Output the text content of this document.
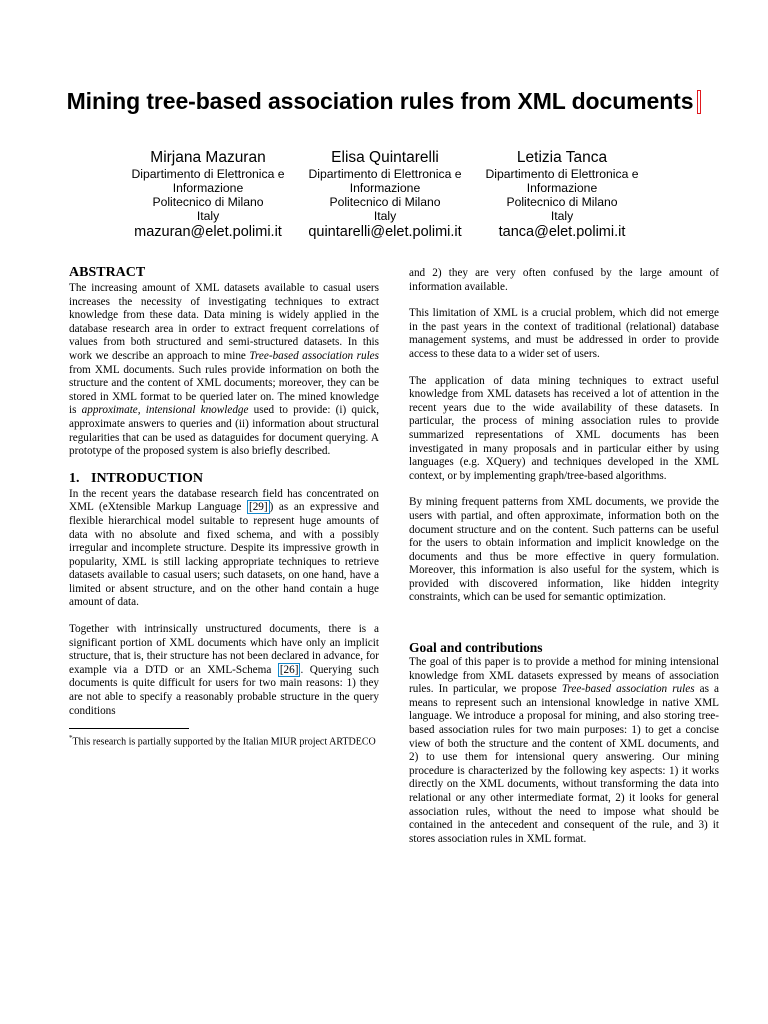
Mining tree-based association rules from XML documents
Mirjana Mazuran
Dipartimento di Elettronica e Informazione
Politecnico di Milano
Italy
mazuran@elet.polimi.it
Elisa Quintarelli
Dipartimento di Elettronica e Informazione
Politecnico di Milano
Italy
quintarelli@elet.polimi.it
Letizia Tanca
Dipartimento di Elettronica e Informazione
Politecnico di Milano
Italy
tanca@elet.polimi.it
ABSTRACT

The increasing amount of XML datasets available to casual users increases the necessity of investigating techniques to extract knowledge from these data. Data mining is widely applied in the database research area in order to extract frequent correlations of values from both structured and semi-structured datasets. In this work we describe an approach to mine Tree-based association rules from XML documents. Such rules provide information on both the structure and the content of XML documents; moreover, they can be stored in XML format to be queried later on. The mined knowledge is approximate, intensional knowledge used to provide: (i) quick, approximate answers to queries and (ii) information about structural regularities that can be used as dataguides for document querying. A prototype of the proposed system is also briefly described.

1. INTRODUCTION

In the recent years the database research field has concentrated on XML (eXtensible Markup Language [29] ) as an expressive and flexible hierarchical model suitable to represent huge amounts of data with no absolute and fixed schema, and with a possibly irregular and incomplete structure. Despite its impressive growth in popularity, XML is still lacking appropriate techniques to retrieve datasets available to casual users; such datasets, on one hand, have a limited or absent structure, and on the other hand contain a huge amount of data.

Together with intrinsically unstructured documents, there is a significant portion of XML documents which have only an implicit structure, that is, their structure has not been declared in advance, for example via a DTD or an XML-Schema [26] . Querying such documents is quite difficult for users for two main reasons: 1) they are not able to specify a reasonably probable structure in the query conditions

*This research is partially supported by the Italian MIUR project ARTDECO

and 2) they are very often confused by the large amount of information available.

This limitation of XML is a crucial problem, which did not emerge in the past years in the context of traditional (relational) database management systems, and must be addressed in order to provide access to these data to a wider set of users.

The application of data mining techniques to extract useful knowledge from XML datasets has received a lot of attention in the recent years due to the wide availability of these datasets. In particular, the process of mining association rules to provide summarized representations of XML documents has been investigated in many proposals and in particular either by using languages (e.g. XQuery) and techniques developed in the XML context, or by implementing graph/tree-based algorithms.

By mining frequent patterns from XML documents, we provide the users with partial, and often approximate, information both on the document structure and on the content. Such patterns can be useful for the users to obtain information and implicit knowledge on the documents and thus be more effective in query formulation. Moreover, this information is also useful for the system, which is provided with discovered information, like hidden integrity constraints, which can be used for semantic optimization.

Goal and contributions

The goal of this paper is to provide a method for mining intensional knowledge from XML datasets expressed by means of association rules. In particular, we propose Tree-based association rules as a means to represent such an intensional knowledge in native XML language. We introduce a proposal for mining, and also storing tree-based association rules for two main purposes: 1) to get a concise view of both the structure and the content of XML documents, and 2) to use them for intensional query answering. Our mining procedure is characterized by the following key aspects: 1) it works directly on the XML documents, without transforming the data into relational or any other intermediate format, 2) it looks for general association rules, without the need to impose what should be contained in the antecedent and consequent of the rule, and 3) it stores association rules in XML format.
